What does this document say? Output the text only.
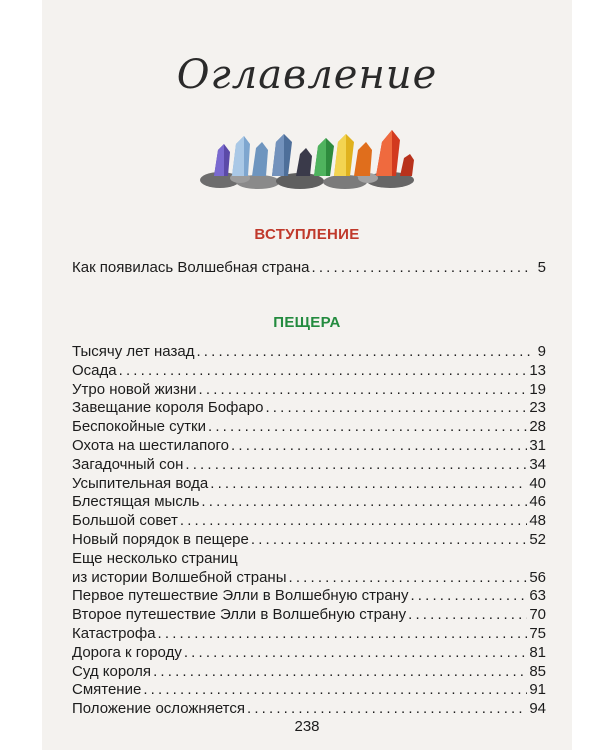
Оглавление
ВСТУПЛЕНИЕ
Как появилась Волшебная страна . . .	5
ПЕЩЕРА
Тысячу лет назад . . .	9
Осада . . .	13
Утро новой жизни . . .	19
Завещание короля Бофаро . . .	23
Беспокойные сутки . . .	28
Охота на шестилапого . . .	31
Загадочный сон . . .	34
Усыпительная вода . . .	40
Блестящая мысль . . .	46
Большой совет . . .	48
Новый порядок в пещере . . .	52
Еще несколько страниц
из истории Волшебной страны . . .	56
Первое путешествие Элли в Волшебную страну . . .	63
Второе путешествие Элли в Волшебную страну . . .	70
Катастрофа . . .	75
Дорога к городу . . .	81
Суд короля . . .	85
Смятение . . .	91
Положение осложняется . . .	94
238
